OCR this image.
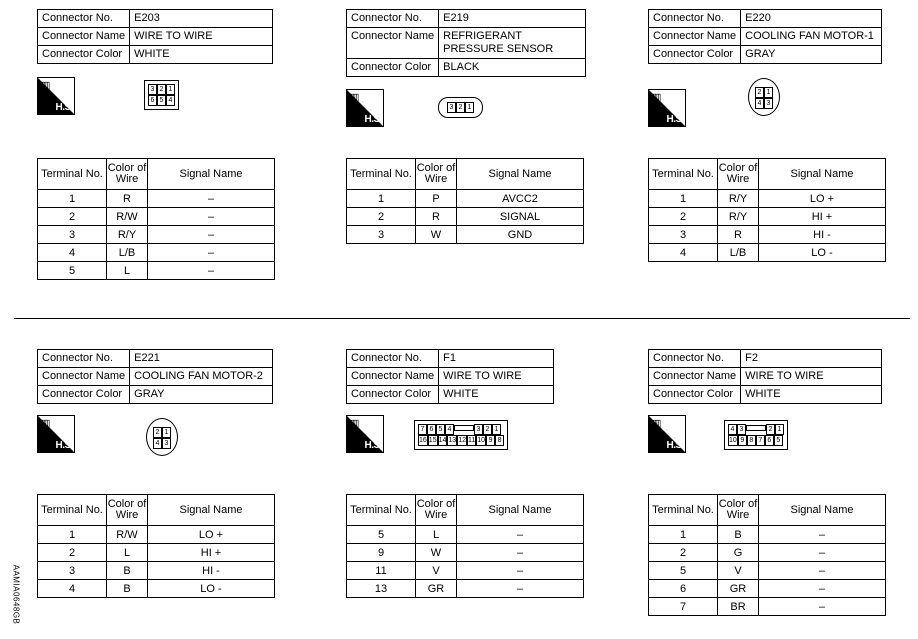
AAMIA0648GB
Connector No.	E203
Connector Name	WIRE TO WIRE
Connector Color	WHITE
▥
H.S.
3 2 1
6 5 4
Terminal No.	Color of Wire	Signal Name
1	R	–
2	R/W	–
3	R/Y	–
4	L/B	–
5	L	–
Connector No.	E219
Connector Name	REFRIGERANT PRESSURE SENSOR
Connector Color	BLACK
▥
H.S.
3 2 1
Terminal No.	Color of Wire	Signal Name
1	P	AVCC2
2	R	SIGNAL
3	W	GND
Connector No.	E220
Connector Name	COOLING FAN MOTOR-1
Connector Color	GRAY
▥
H.S.
2 1
4 3
Terminal No.	Color of Wire	Signal Name
1	R/Y	LO +
2	R/Y	HI +
3	R	HI -
4	L/B	LO -
Connector No.	E221
Connector Name	COOLING FAN MOTOR-2
Connector Color	GRAY
▥
H.S.
2 1
4 3
Terminal No.	Color of Wire	Signal Name
1	R/W	LO +
2	L	HI +
3	B	HI -
4	B	LO -
Connector No.	F1
Connector Name	WIRE TO WIRE
Connector Color	WHITE
▥
H.S.
7 6 5 4	3 2 1
16 15 14 13 12 11 10 9 8
Terminal No.	Color of Wire	Signal Name
5	L	–
9	W	–
11	V	–
13	GR	–
Connector No.	F2
Connector Name	WIRE TO WIRE
Connector Color	WHITE
▥
H.S.
4 3	2 1
10 9 8 7 6 5
Terminal No.	Color of Wire	Signal Name
1	B	–
2	G	–
5	V	–
6	GR	–
7	BR	–
